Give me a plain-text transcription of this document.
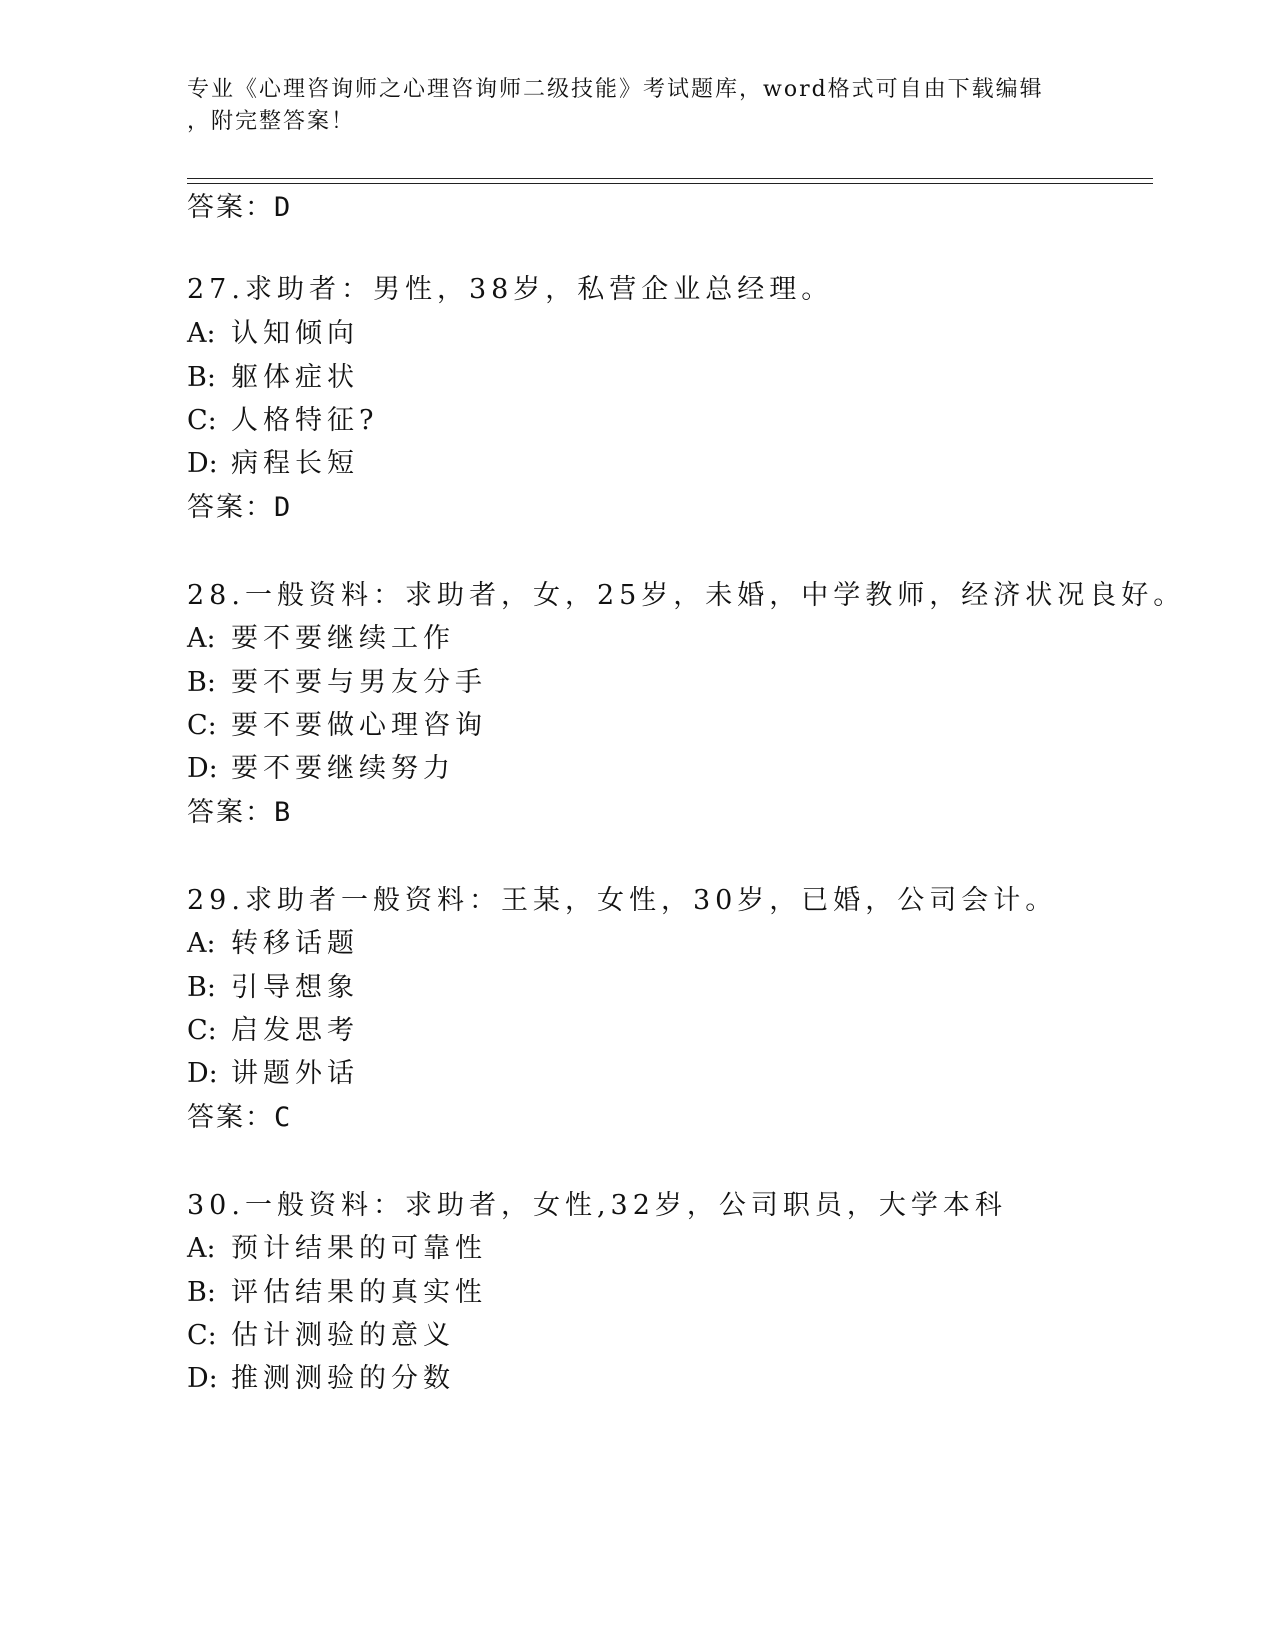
专业《心理咨询师之心理咨询师二级技能》考试题库，word格式可自由下载编辑
，附完整答案！
答案：D
27.求助者：男性，38岁，私营企业总经理。
A: 认知倾向
B: 躯体症状
C: 人格特征?
D: 病程长短
答案：D
28.一般资料：求助者，女，25岁，未婚，中学教师，经济状况良好。
A: 要不要继续工作
B: 要不要与男友分手
C: 要不要做心理咨询
D: 要不要继续努力
答案：B
29.求助者一般资料：王某，女性，30岁，已婚，公司会计。
A: 转移话题
B: 引导想象
C: 启发思考
D: 讲题外话
答案：C
30.一般资料：求助者，女性,32岁，公司职员，大学本科
A: 预计结果的可靠性
B: 评估结果的真实性
C: 估计测验的意义
D: 推测测验的分数
